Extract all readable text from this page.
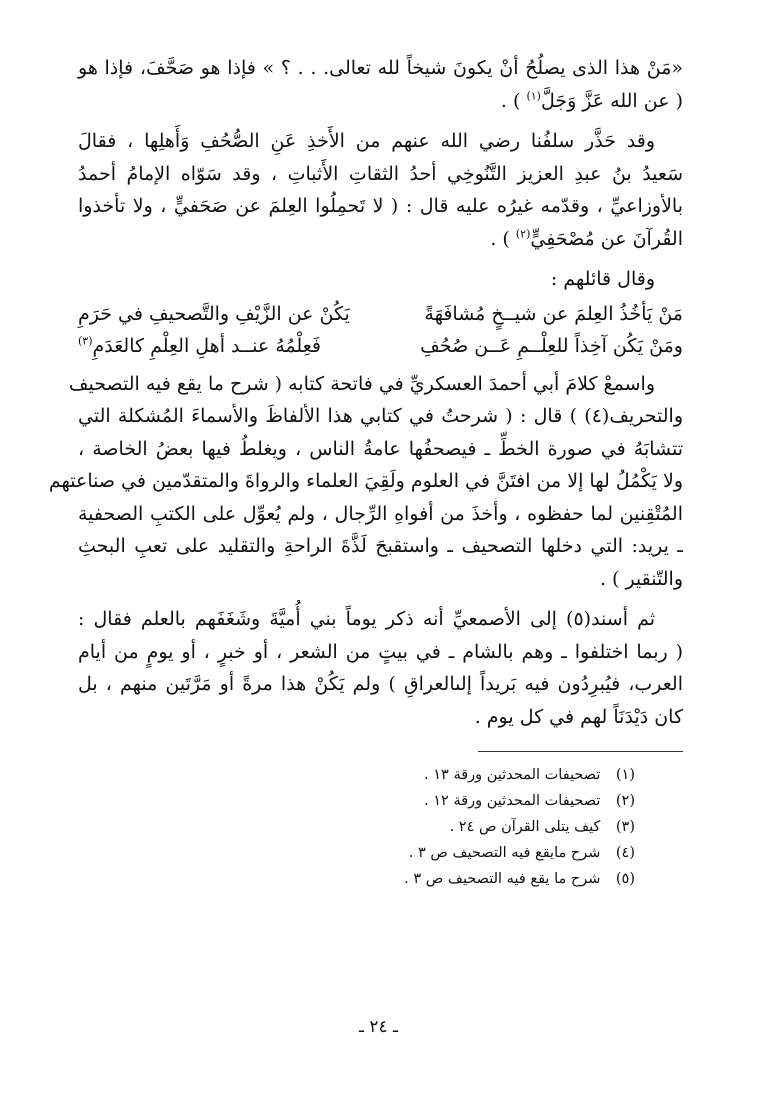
«مَنْ هذا الذى يصلُحُ أنْ يكونَ شيخاً لله تعالى. . . ؟ » فإذا هو صَحَّفَ، فإذا هو
( عن الله عَزَّ وَجَلَّ$^{(١)}$ ) .
وقد حَذَّر سلفُنا رضي الله عنهم من الأَخذِ عَنِ الصُّحُفِ وَأَهلِها ، فقالَ
سَعيدُ بنُ عبدِ العزيز التَّنُوخِي أحدُ الثقاتِ الأَثباتِ ، وقد سَوّاه الإمامُ أحمدُ
بالأوزاعيِّ ، وقدّمه غيرُه عليه قال : ( لا تَحمِلُوا العِلمَ عن صَحَفيٍّ ، ولا تأخذوا
القُرآنَ عن مُصْحَفِيٍّ$^{(٢)}$ ) .
وقال قائلهم :
مَنْ يَأخُذُ العِلمَ عن شيــخٍ مُشافَهَةً
يَكُنْ عن الزَّيْفِ والتَّصحيفِ في حَرَمِ
ومَنْ يَكُن آخِذاً للعِلْــمِ عَــن صُحُفِ
فَعِلْمُهُ عنــد أهلِ العِلْمِ كالعَدَمِ$^{(٣)}$
واسمعْ كلامَ أبي أحمدَ العسكريِّ في فاتحة كتابه ( شرح ما يقع فيه التصحيف
والتحريف(٤) ) قال : ( شرحتُ في كتابي هذا الألفاظَ والأسماءَ المُشكلة التي
تتشابَهُ في صورة الخطِّ ـ فيصحفُها عامةُ الناس ، ويغلطُ فيها بعضُ الخاصة ،
ولا يَكْمُلُ لها إلا من افتَنَّ في العلوم ولَقِيَ العلماء والرواةَ والمتقدّمين في صناعتهم
المُتْقِنين لما حفظوه ، وأخذَ من أفواهِ الرِّجال ، ولم يُعوِّل على الكتبِ الصحفية
ـ يريد: التي دخلها التصحيف ـ واستقبحَ لَذَّةَ الراحةِ والتقليد على تعبِ البحثِ
والتّنقير ) .
ثم أسند(٥) إلى الأصمعيِّ أنه ذكر يوماً بني أُميَّةَ وشَغَفَهم بالعلم فقال :
( ربما اختلفوا ـ وهم بالشام ـ في بيتٍ من الشعر ، أو خبرٍ ، أو يومٍ من أيام
العرب، فيُبرِدُون فيه بَريداً إلىالعراقِ ) ولم يَكُنْ هذا مرةً أو مَرَّتَين منهم ، بل
كان دَيْدَنَاً لهم في كل يوم .
(١) تصحيفات المحدثين ورقة ١٣ .
(٢) تصحيفات المحدثين ورقة ١٢ .
(٣) كيف يتلى القرآن ص ٢٤ .
(٤) شرح مايقع فيه التصحيف ص ٣ .
(٥) شرح ما يقع فيه التصحيف ص ٣ .
ـ ٢٤ ـ
